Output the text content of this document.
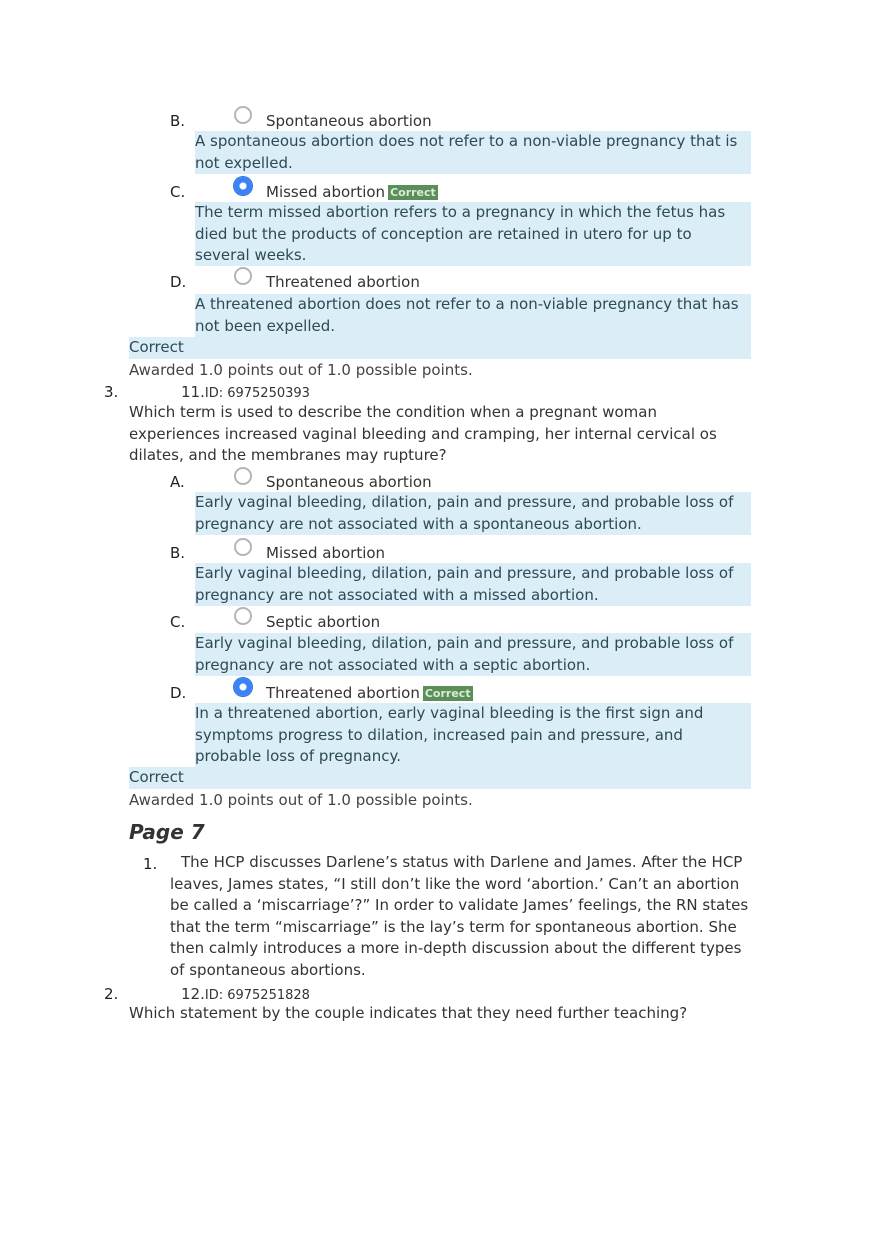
B.	Spontaneous abortion
A spontaneous abortion does not refer to a non-viable pregnancy that is not expelled.
C.	Missed abortion Correct
The term missed abortion refers to a pregnancy in which the fetus has died but the products of conception are retained in utero for up to several weeks.
D.	Threatened abortion
A threatened abortion does not refer to a non-viable pregnancy that has not been expelled.
Correct
Awarded 1.0 points out of 1.0 possible points.
3.	11.ID: 6975250393
Which term is used to describe the condition when a pregnant woman experiences increased vaginal bleeding and cramping, her internal cervical os dilates, and the membranes may rupture?
A.	Spontaneous abortion
Early vaginal bleeding, dilation, pain and pressure, and probable loss of pregnancy are not associated with a spontaneous abortion.
B.	Missed abortion
Early vaginal bleeding, dilation, pain and pressure, and probable loss of pregnancy are not associated with a missed abortion.
C.	Septic abortion
Early vaginal bleeding, dilation, pain and pressure, and probable loss of pregnancy are not associated with a septic abortion.
D.	Threatened abortion Correct
In a threatened abortion, early vaginal bleeding is the first sign and symptoms progress to dilation, increased pain and pressure, and probable loss of pregnancy.
Correct
Awarded 1.0 points out of 1.0 possible points.
Page 7
1.	The HCP discusses Darlene’s status with Darlene and James. After the HCP leaves, James states, “I still don’t like the word ‘abortion.’ Can’t an abortion be called a ‘miscarriage’?” In order to validate James’ feelings, the RN states that the term “miscarriage” is the lay’s term for spontaneous abortion. She then calmly introduces a more in-depth discussion about the different types of spontaneous abortions.
2.	12.ID: 6975251828
Which statement by the couple indicates that they need further teaching?
